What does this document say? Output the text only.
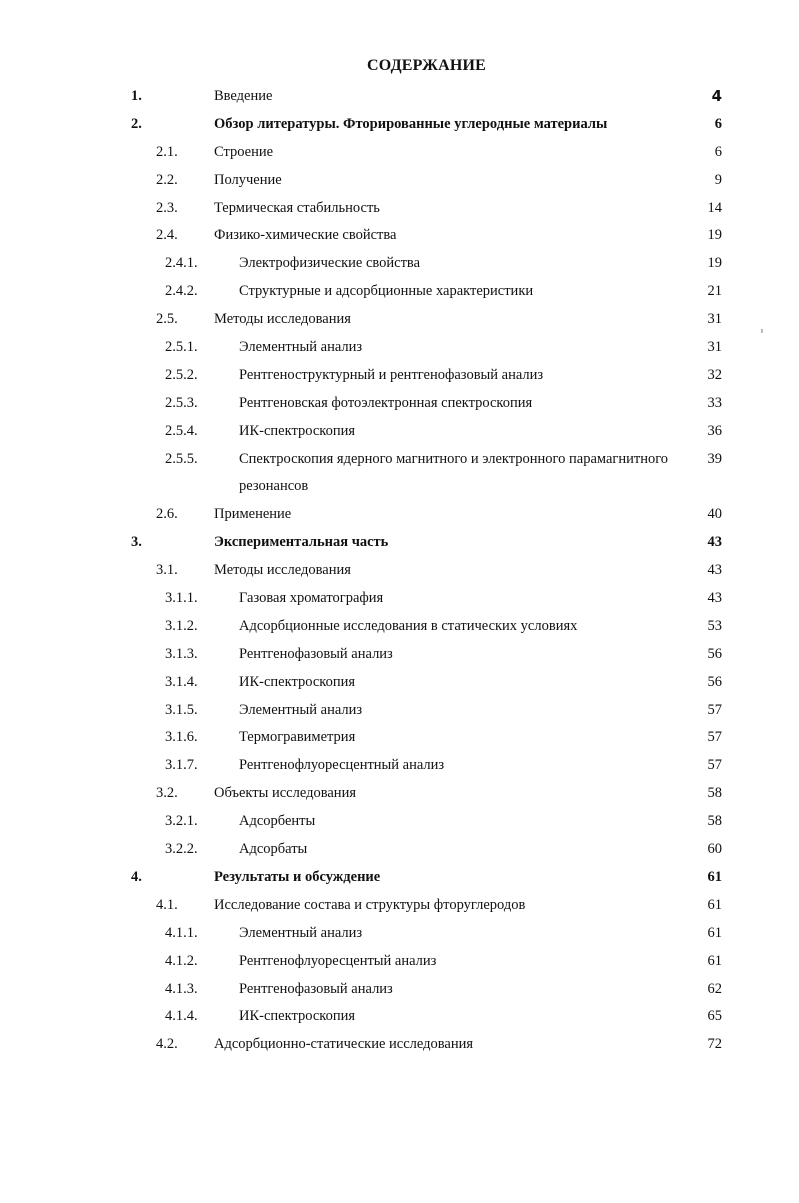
СОДЕРЖАНИЕ
1.	Введение	4
2.	Обзор литературы. Фторированные углеродные материалы	6
2.1.	Строение	6
2.2.	Получение	9
2.3.	Термическая стабильность	14
2.4.	Физико-химические свойства	19
2.4.1.	Электрофизические свойства	19
2.4.2.	Структурные и адсорбционные характеристики	21
2.5.	Методы исследования	31
2.5.1.	Элементный анализ	31
2.5.2.	Рентгеноструктурный и рентгенофазовый анализ	32
2.5.3.	Рентгеновская фотоэлектронная спектроскопия	33
2.5.4.	ИК-спектроскопия	36
2.5.5.	Спектроскопия ядерного магнитного и электронного парамагнитного	39
резонансов
2.6.	Применение	40
3.	Экспериментальная часть	43
3.1.	Методы исследования	43
3.1.1.	Газовая хроматография	43
3.1.2.	Адсорбционные исследования в статических условиях	53
3.1.3.	Рентгенофазовый анализ	56
3.1.4.	ИК-спектроскопия	56
3.1.5.	Элементный анализ	57
3.1.6.	Термогравиметрия	57
3.1.7.	Рентгенофлуоресцентный анализ	57
3.2.	Объекты исследования	58
3.2.1.	Адсорбенты	58
3.2.2.	Адсорбаты	60
4.	Результаты и обсуждение	61
4.1.	Исследование состава и структуры фторуглеродов	61
4.1.1.	Элементный анализ	61
4.1.2.	Рентгенофлуоресцентый анализ	61
4.1.3.	Рентгенофазовый анализ	62
4.1.4.	ИК-спектроскопия	65
4.2.	Адсорбционно-статические исследования	72
